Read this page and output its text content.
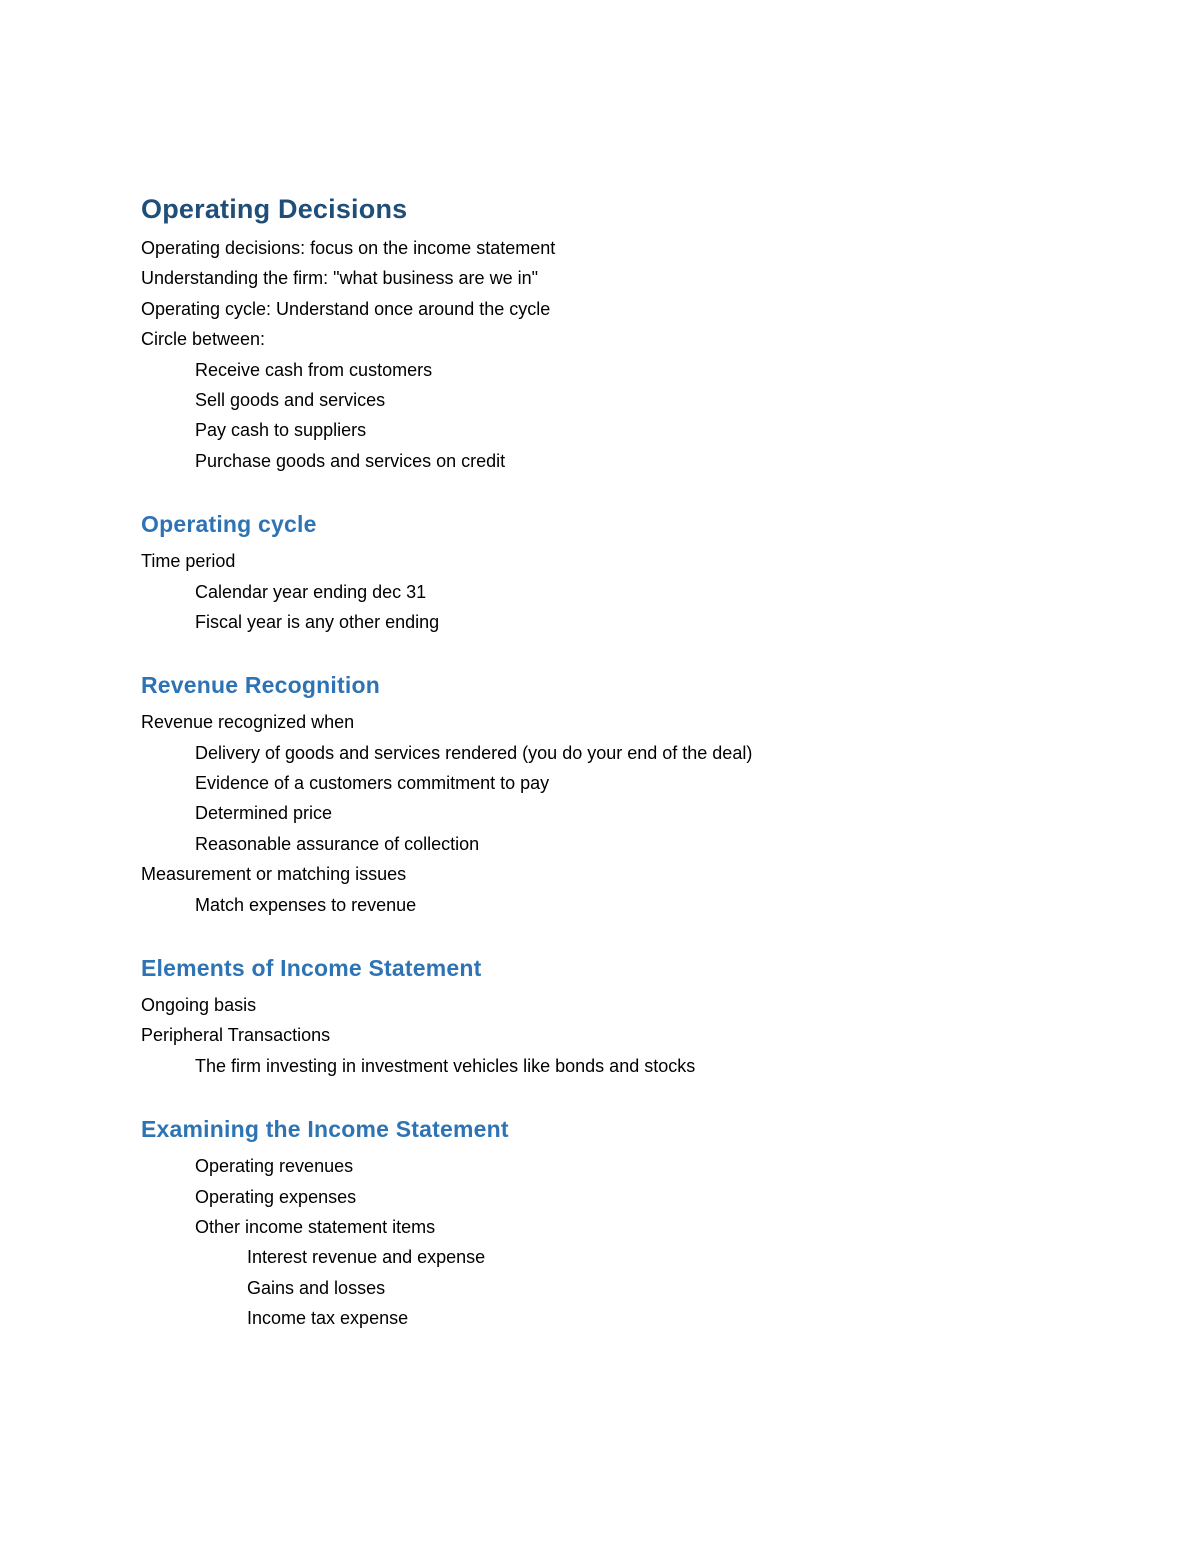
Operating Decisions
Operating decisions: focus on the income statement
Understanding the firm: "what business are we in"
Operating cycle: Understand once around the cycle
Circle between:
Receive cash from customers
Sell goods and services
Pay cash to suppliers
Purchase goods and services on credit
Operating cycle
Time period
Calendar year ending dec 31
Fiscal year is any other ending
Revenue Recognition
Revenue recognized when
Delivery of goods and services rendered (you do your end of the deal)
Evidence of a customers commitment to pay
Determined price
Reasonable assurance of collection
Measurement or matching issues
Match expenses to revenue
Elements of Income Statement
Ongoing basis
Peripheral Transactions
The firm investing in investment vehicles like bonds and stocks
Examining the Income Statement
Operating revenues
Operating expenses
Other income statement items
Interest revenue and expense
Gains and losses
Income tax expense
